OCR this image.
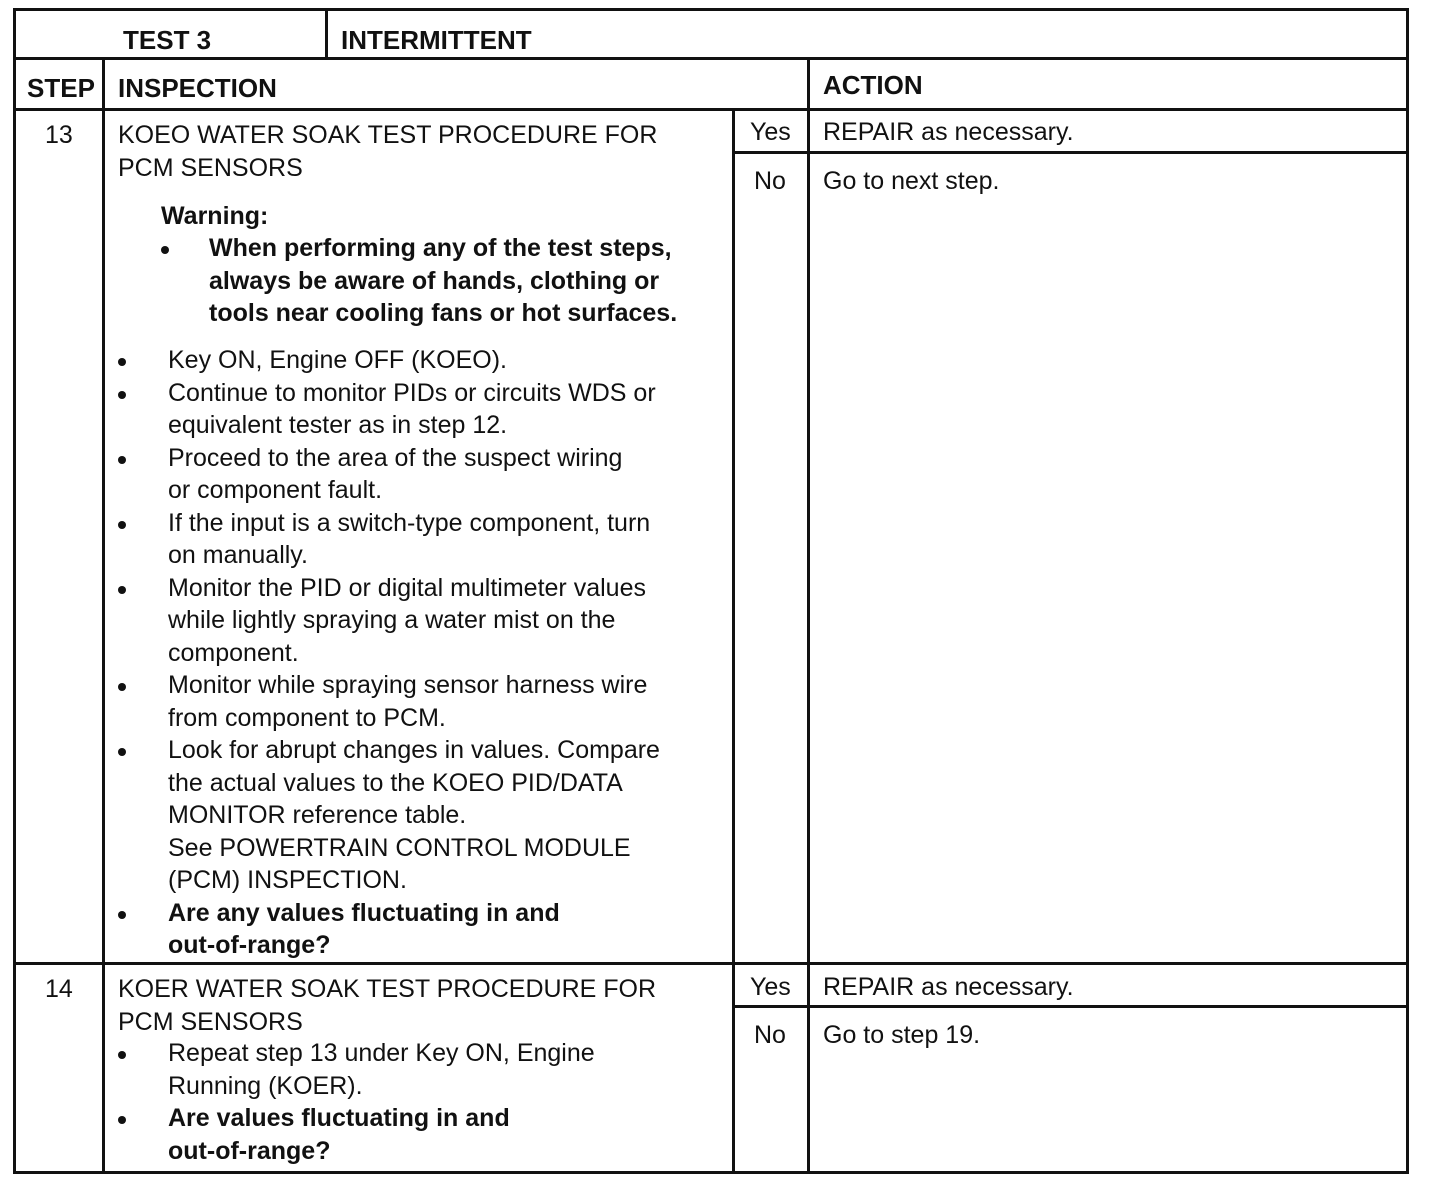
TEST 3	INTERMITTENT
STEP INSPECTION	ACTION
13 KOEO WATER SOAK TEST PROCEDURE FOR
PCM SENSORS
Warning:
When performing any of the test steps,
always be aware of hands, clothing or
tools near cooling fans or hot surfaces.
Key ON, Engine OFF (KOEO).
Continue to monitor PIDs or circuits WDS or
equivalent tester as in step 12.
Proceed to the area of the suspect wiring
or component fault.
If the input is a switch-type component, turn
on manually.
Monitor the PID or digital multimeter values
while lightly spraying a water mist on the
component.
Monitor while spraying sensor harness wire
from component to PCM.
Look for abrupt changes in values. Compare
the actual values to the KOEO PID/DATA
MONITOR reference table.
See POWERTRAIN CONTROL MODULE
(PCM) INSPECTION.
Are any values fluctuating in and
out-of-range?
Yes REPAIR as necessary.
No Go to next step.
14 KOER WATER SOAK TEST PROCEDURE FOR
PCM SENSORS
Repeat step 13 under Key ON, Engine
Running (KOER).
Are values fluctuating in and
out-of-range?
Yes REPAIR as necessary.
No Go to step 19.
